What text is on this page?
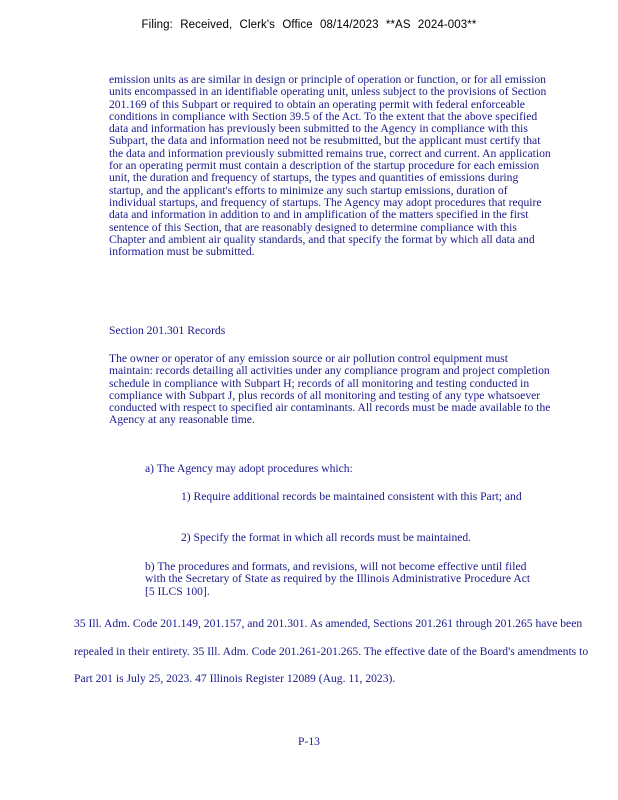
Filing: Received, Clerk's Office 08/14/2023 **AS 2024-003**

emission units as are similar in design or principle of operation or function, or for all emission units encompassed in an identifiable operating unit, unless subject to the provisions of Section 201.169 of this Subpart or required to obtain an operating permit with federal enforceable conditions in compliance with Section 39.5 of the Act. To the extent that the above specified data and information has previously been submitted to the Agency in compliance with this Subpart, the data and information need not be resubmitted, but the applicant must certify that the data and information previously submitted remains true, correct and current. An application for an operating permit must contain a description of the startup procedure for each emission unit, the duration and frequency of startups, the types and quantities of emissions during startup, and the applicant's efforts to minimize any such startup emissions, duration of individual startups, and frequency of startups. The Agency may adopt procedures that require data and information in addition to and in amplification of the matters specified in the first sentence of this Section, that are reasonably designed to determine compliance with this Chapter and ambient air quality standards, and that specify the format by which all data and information must be submitted.

Section 201.301 Records

The owner or operator of any emission source or air pollution control equipment must maintain: records detailing all activities under any compliance program and project completion schedule in compliance with Subpart H; records of all monitoring and testing conducted in compliance with Subpart J, plus records of all monitoring and testing of any type whatsoever conducted with respect to specified air contaminants. All records must be made available to the Agency at any reasonable time.

a) The Agency may adopt procedures which:

1) Require additional records be maintained consistent with this Part; and

2) Specify the format in which all records must be maintained.

b) The procedures and formats, and revisions, will not become effective until filed with the Secretary of State as required by the Illinois Administrative Procedure Act [5 ILCS 100].

35 Ill. Adm. Code 201.149, 201.157, and 201.301. As amended, Sections 201.261 through 201.265 have been repealed in their entirety. 35 Ill. Adm. Code 201.261-201.265. The effective date of the Board's amendments to Part 201 is July 25, 2023. 47 Illinois Register 12089 (Aug. 11, 2023).

P-13
